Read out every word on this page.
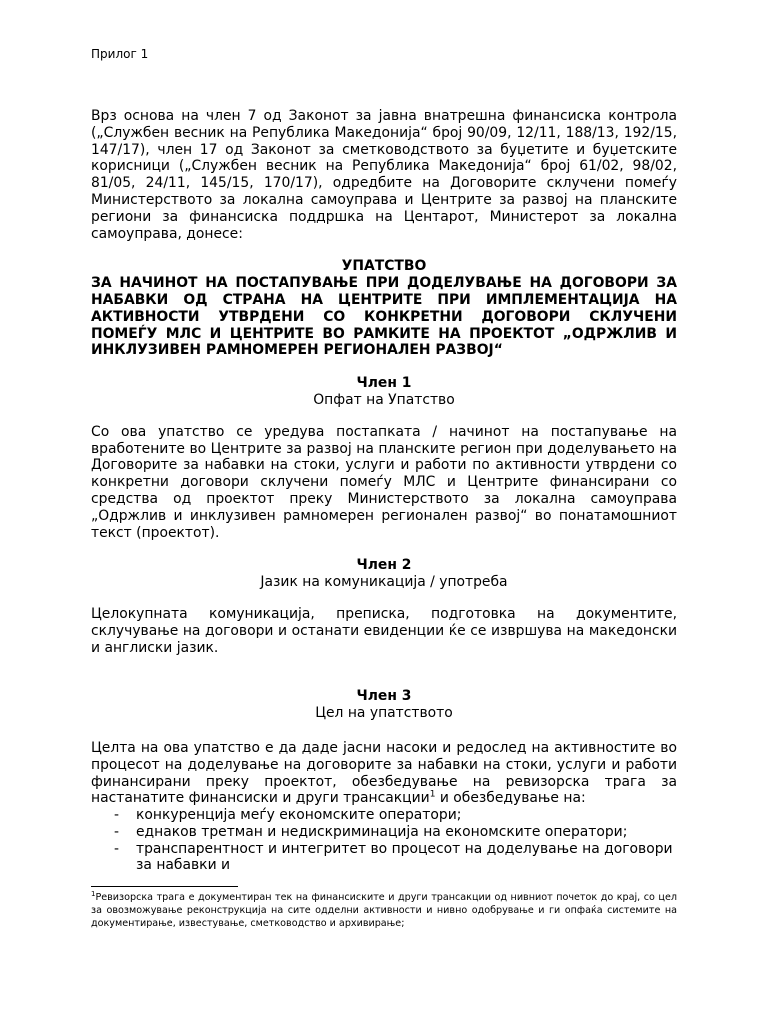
Прилог 1

Врз основа на член 7 од Законот за јавна внатрешна финансиска контрола („Службен весник на Република Македонија“ број 90/09, 12/11, 188/13, 192/15, 147/17), член 17 од Законот за сметководството за буџетите и буџетските корисници („Службен весник на Република Македонија“ број 61/02, 98/02, 81/05, 24/11, 145/15, 170/17), одредбите на Договорите склучени помеѓу Министерството за локална самоуправа и Центрите за развој на планските региони за финансиска поддршка на Центарот, Министерот за локална самоуправа, донесе:

УПАТСТВО
ЗА НАЧИНОТ НА ПОСТАПУВАЊЕ ПРИ ДОДЕЛУВАЊЕ НА ДОГОВОРИ ЗА НАБАВКИ ОД СТРАНА НА ЦЕНТРИТЕ ПРИ ИМПЛЕМЕНТАЦИЈА НА АКТИВНОСТИ УТВРДЕНИ СО КОНКРЕТНИ ДОГОВОРИ СКЛУЧЕНИ ПОМЕЃУ МЛС И ЦЕНТРИТЕ ВО РАМКИТЕ НА ПРОЕКТОТ „ОДРЖЛИВ И ИНКЛУЗИВЕН РАМНОМЕРЕН РЕГИОНАЛЕН РАЗВОЈ“
Член 1
Опфат на Упатство

Со ова упатство се уредува постапката / начинот на постапување на вработените во Центрите за развој на планските регион при доделувањето на Договорите за набавки на стоки, услуги и работи по активности утврдени со конкретни договори склучени помеѓу МЛС и Центрите финансирани со средства од проектот преку Министерството за локална самоуправа „Одржлив и инклузивен рамномерен регионален развој“ во понатамошниот текст (проектот).

Член 2
Јазик на комуникација / употреба

Целокупната комуникација, преписка, подготовка на документите, склучување на договори и останати евиденции ќе се извршува на македонски и англиски јазик.

Член 3
Цел на упатството

Целта на ова упатство е да даде јасни насоки и редослед на активностите во процесот на доделување на договорите за набавки на стоки, услуги и работи финансирани преку проектот, обезбедување на ревизорска трага за настанатите финансиски и други трансакции$^1$ и обезбедување на:

- конкуренција меѓу економските оператори;
- еднаков третман и недискриминација на економските оператори;
- транспарентност и интегритет во процесот на доделување на договори за набавки и
$^1$Ревизорска трага е документиран тек на финансиските и други трансакции од нивниот почеток до крај, со цел за овозможување реконструкција на сите одделни активности и нивно одобрување и ги опфаќа системите на документирање, известување, сметководство и архивирање;
